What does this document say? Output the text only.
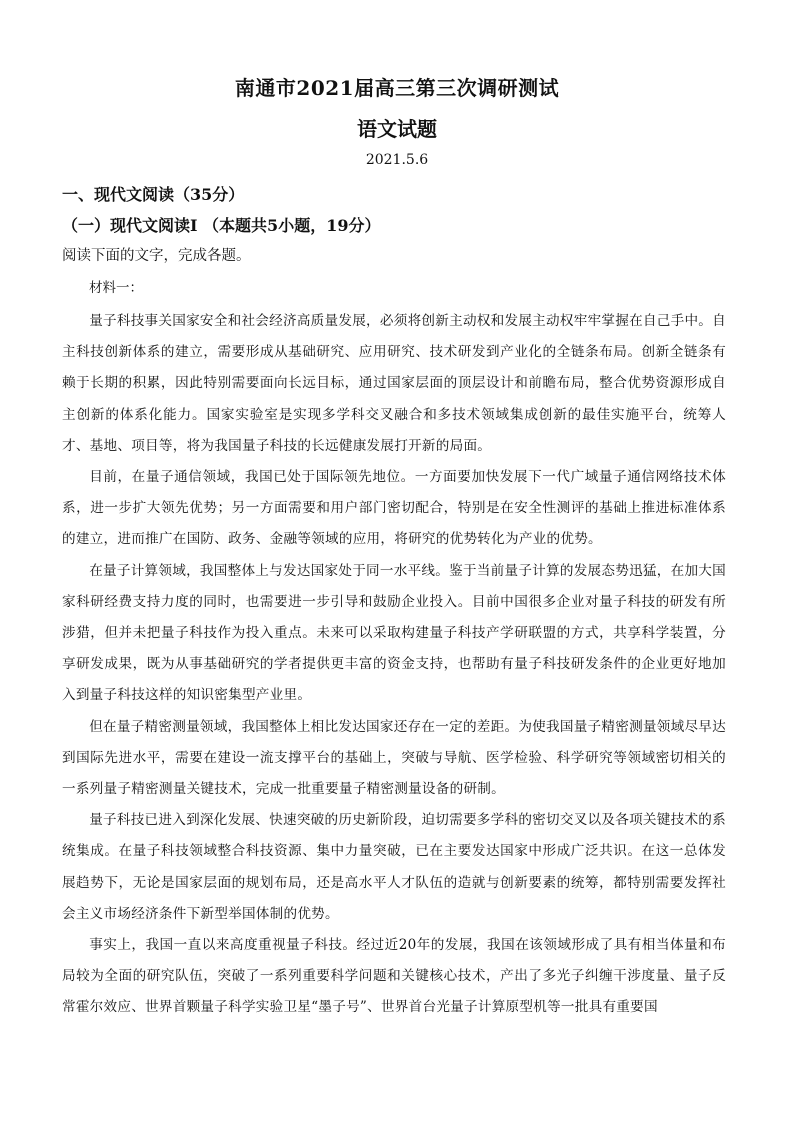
南通市2021届高三第三次调研测试
语文试题
2021.5.6
一、现代文阅读（35分）
（一）现代文阅读Ⅰ （本题共5小题，19分）
阅读下面的文字，完成各题。
材料一：

量子科技事关国家安全和社会经济高质量发展，必须将创新主动权和发展主动权牢牢掌握在自己手中。自主科技创新体系的建立，需要形成从基础研究、应用研究、技术研发到产业化的全链条布局。创新全链条有赖于长期的积累，因此特别需要面向长远目标，通过国家层面的顶层设计和前瞻布局，整合优势资源形成自主创新的体系化能力。国家实验室是实现多学科交叉融合和多技术领域集成创新的最佳实施平台，统筹人才、基地、项目等，将为我国量子科技的长远健康发展打开新的局面。

目前，在量子通信领域，我国已处于国际领先地位。一方面要加快发展下一代广域量子通信网络技术体系，进一步扩大领先优势；另一方面需要和用户部门密切配合，特别是在安全性测评的基础上推进标准体系的建立，进而推广在国防、政务、金融等领域的应用，将研究的优势转化为产业的优势。

在量子计算领域，我国整体上与发达国家处于同一水平线。鉴于当前量子计算的发展态势迅猛，在加大国家科研经费支持力度的同时，也需要进一步引导和鼓励企业投入。目前中国很多企业对量子科技的研发有所涉猎，但并未把量子科技作为投入重点。未来可以采取构建量子科技产学研联盟的方式，共享科学装置，分享研发成果，既为从事基础研究的学者提供更丰富的资金支持，也帮助有量子科技研发条件的企业更好地加入到量子科技这样的知识密集型产业里。

但在量子精密测量领域，我国整体上相比发达国家还存在一定的差距。为使我国量子精密测量领域尽早达到国际先进水平，需要在建设一流支撑平台的基础上，突破与导航、医学检验、科学研究等领域密切相关的一系列量子精密测量关键技术，完成一批重要量子精密测量设备的研制。

量子科技已进入到深化发展、快速突破的历史新阶段，迫切需要多学科的密切交叉以及各项关键技术的系统集成。在量子科技领域整合科技资源、集中力量突破，已在主要发达国家中形成广泛共识。在这一总体发展趋势下，无论是国家层面的规划布局，还是高水平人才队伍的造就与创新要素的统筹，都特别需要发挥社会主义市场经济条件下新型举国体制的优势。

事实上，我国一直以来高度重视量子科技。经过近20年的发展，我国在该领域形成了具有相当体量和布局较为全面的研究队伍，突破了一系列重要科学问题和关键核心技术，产出了多光子纠缠干涉度量、量子反常霍尔效应、世界首颗量子科学实验卫星“墨子号”、世界首台光量子计算原型机等一批具有重要国
